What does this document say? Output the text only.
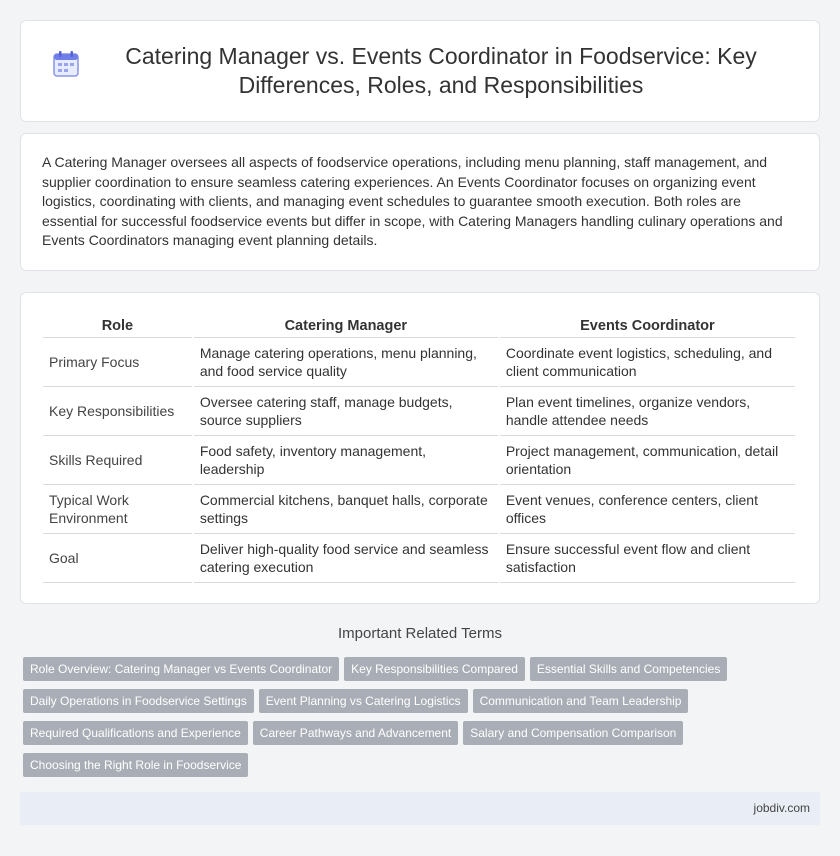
Catering Manager vs. Events Coordinator in Foodservice: Key Differences, Roles, and Responsibilities

A Catering Manager oversees all aspects of foodservice operations, including menu planning, staff management, and supplier coordination to ensure seamless catering experiences. An Events Coordinator focuses on organizing event logistics, coordinating with clients, and managing event schedules to guarantee smooth execution. Both roles are essential for successful foodservice events but differ in scope, with Catering Managers handling culinary operations and Events Coordinators managing event planning details.

Role	Catering Manager	Events Coordinator
Primary Focus	Manage catering operations, menu planning, and food service quality	Coordinate event logistics, scheduling, and client communication
Key Responsibilities	Oversee catering staff, manage budgets, source suppliers	Plan event timelines, organize vendors, handle attendee needs
Skills Required	Food safety, inventory management, leadership	Project management, communication, detail orientation
Typical Work Environment	Commercial kitchens, banquet halls, corporate settings	Event venues, conference centers, client offices
Goal	Deliver high-quality food service and seamless catering execution	Ensure successful event flow and client satisfaction
Important Related Terms
Role Overview: Catering Manager vs Events Coordinator Key Responsibilities Compared Essential Skills and Competencies
Daily Operations in Foodservice Settings Event Planning vs Catering Logistics Communication and Team Leadership
Required Qualifications and Experience Career Pathways and Advancement Salary and Compensation Comparison
Choosing the Right Role in Foodservice
jobdiv.com
